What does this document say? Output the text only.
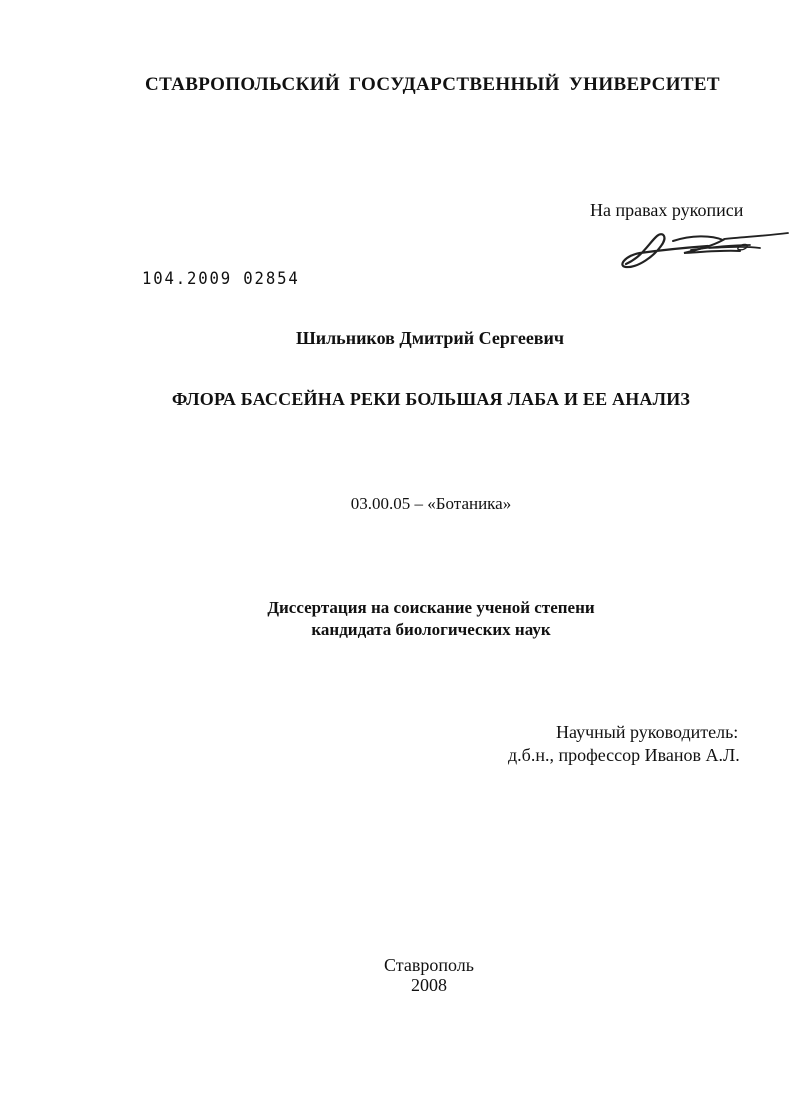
СТАВРОПОЛЬСКИЙ ГОСУДАРСТВЕННЫЙ УНИВЕРСИТЕТ
На правах рукописи
104.2009 02854
Шильников Дмитрий Сергеевич
ФЛОРА БАССЕЙНА РЕКИ БОЛЬШАЯ ЛАБА И ЕЕ АНАЛИЗ
03.00.05 – «Ботаника»
Диссертация на соискание ученой степени
кандидата биологических наук
Научный руководитель:
д.б.н., профессор Иванов А.Л.
Ставрополь
2008
